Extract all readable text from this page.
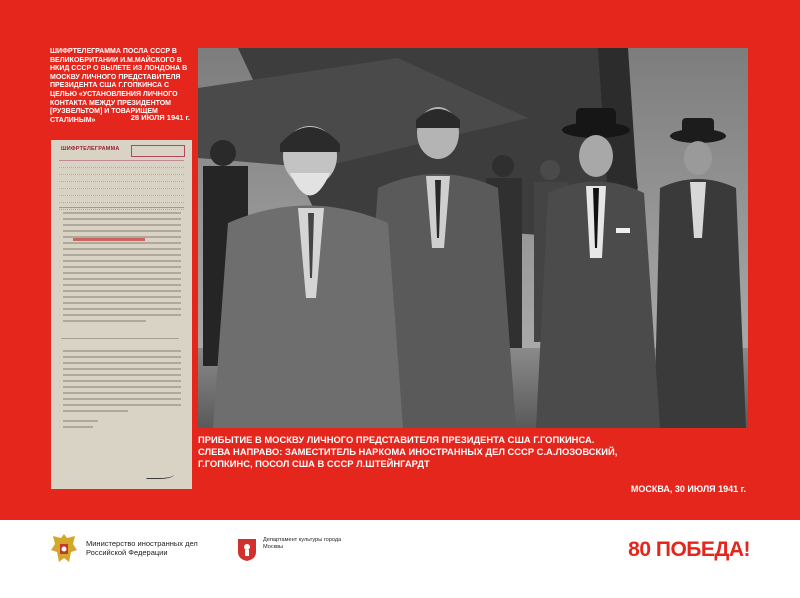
ШИФРТЕЛЕГРАММА ПОСЛА СССР В ВЕЛИКОБРИТАНИИ И.М.МАЙСКОГО В НКИД СССР О ВЫЛЕТЕ ИЗ ЛОНДОНА В МОСКВУ ЛИЧНОГО ПРЕДСТАВИТЕЛЯ ПРЕЗИДЕНТА США Г.ГОПКИНСА С ЦЕЛЬЮ «УСТАНОВЛЕНИЯ ЛИЧНОГО КОНТАКТА МЕЖДУ ПРЕЗИДЕНТОМ [РУЗВЕЛЬТОМ] И ТОВАРИЩЕМ СТАЛИНЫМ»	28 ИЮЛЯ 1941 г.
ШИФРТЕЛЕГРАММА
ПРИБЫТИЕ В МОСКВУ ЛИЧНОГО ПРЕДСТАВИТЕЛЯ ПРЕЗИДЕНТА США Г.ГОПКИНСА.
СЛЕВА НАПРАВО: ЗАМЕСТИТЕЛЬ НАРКОМА ИНОСТРАННЫХ ДЕЛ СССР С.А.ЛОЗОВСКИЙ,
Г.ГОПКИНС, ПОСОЛ США В СССР Л.ШТЕЙНГАРДТ
МОСКВА, 30 ИЮЛЯ 1941 г.
Министерство иностранных дел Российской Федерации
Департамент культуры города Москвы	80 ПОБЕДА!
